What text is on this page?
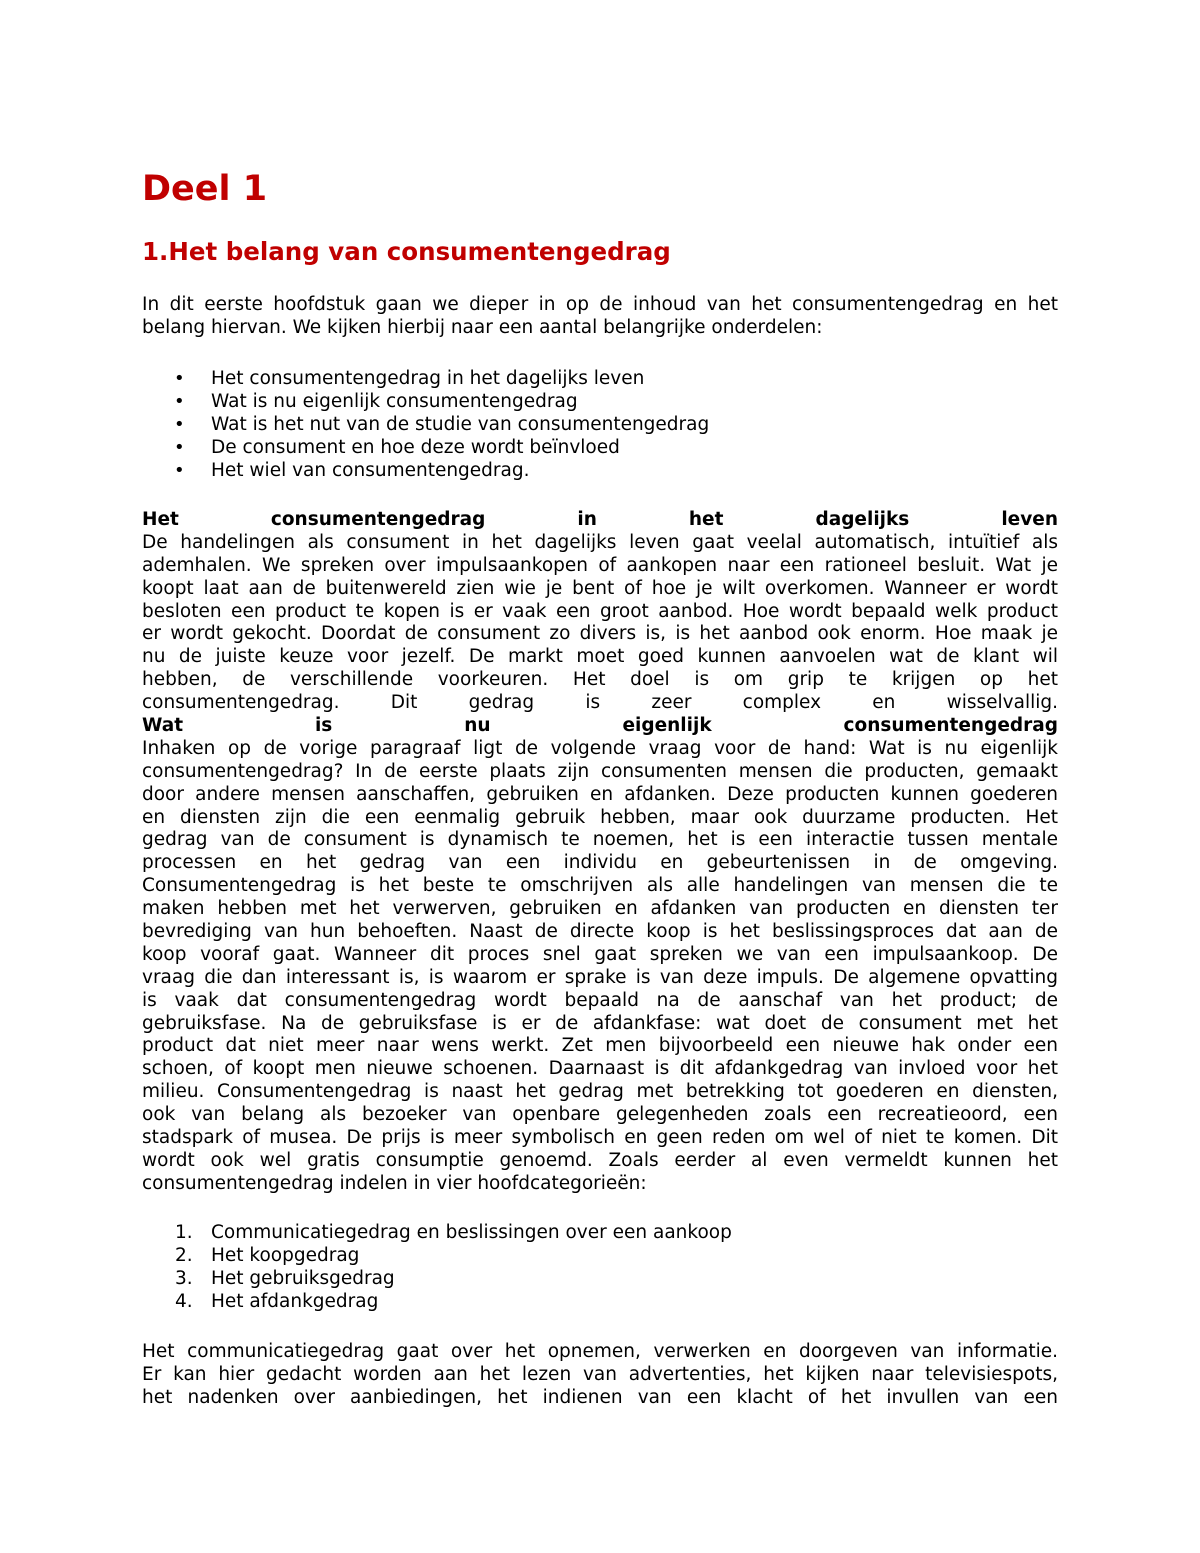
Deel 1
1.Het belang van consumentengedrag
In dit eerste hoofdstuk gaan we dieper in op de inhoud van het consumentengedrag en het
belang hiervan. We kijken hierbij naar een aantal belangrijke onderdelen:
• Het consumentengedrag in het dagelijks leven
• Wat is nu eigenlijk consumentengedrag
• Wat is het nut van de studie van consumentengedrag
• De consument en hoe deze wordt beïnvloed
• Het wiel van consumentengedrag.
Het consumentengedrag in het dagelijks leven
De handelingen als consument in het dagelijks leven gaat veelal automatisch, intuïtief als
ademhalen. We spreken over impulsaankopen of aankopen naar een rationeel besluit. Wat je
koopt laat aan de buitenwereld zien wie je bent of hoe je wilt overkomen. Wanneer er wordt
besloten een product te kopen is er vaak een groot aanbod. Hoe wordt bepaald welk product
er wordt gekocht. Doordat de consument zo divers is, is het aanbod ook enorm. Hoe maak je
nu de juiste keuze voor jezelf. De markt moet goed kunnen aanvoelen wat de klant wil
hebben, de verschillende voorkeuren. Het doel is om grip te krijgen op het
consumentengedrag. Dit gedrag is zeer complex en wisselvallig.
Wat is nu eigenlijk consumentengedrag
Inhaken op de vorige paragraaf ligt de volgende vraag voor de hand: Wat is nu eigenlijk
consumentengedrag? In de eerste plaats zijn consumenten mensen die producten, gemaakt
door andere mensen aanschaffen, gebruiken en afdanken. Deze producten kunnen goederen
en diensten zijn die een eenmalig gebruik hebben, maar ook duurzame producten. Het
gedrag van de consument is dynamisch te noemen, het is een interactie tussen mentale
processen en het gedrag van een individu en gebeurtenissen in de omgeving.
Consumentengedrag is het beste te omschrijven als alle handelingen van mensen die te
maken hebben met het verwerven, gebruiken en afdanken van producten en diensten ter
bevrediging van hun behoeften. Naast de directe koop is het beslissingsproces dat aan de
koop vooraf gaat. Wanneer dit proces snel gaat spreken we van een impulsaankoop. De
vraag die dan interessant is, is waarom er sprake is van deze impuls. De algemene opvatting
is vaak dat consumentengedrag wordt bepaald na de aanschaf van het product; de
gebruiksfase. Na de gebruiksfase is er de afdankfase: wat doet de consument met het
product dat niet meer naar wens werkt. Zet men bijvoorbeeld een nieuwe hak onder een
schoen, of koopt men nieuwe schoenen. Daarnaast is dit afdankgedrag van invloed voor het
milieu. Consumentengedrag is naast het gedrag met betrekking tot goederen en diensten,
ook van belang als bezoeker van openbare gelegenheden zoals een recreatieoord, een
stadspark of musea. De prijs is meer symbolisch en geen reden om wel of niet te komen. Dit
wordt ook wel gratis consumptie genoemd. Zoals eerder al even vermeldt kunnen het
consumentengedrag indelen in vier hoofdcategorieën:
1. Communicatiegedrag en beslissingen over een aankoop
2. Het koopgedrag
3. Het gebruiksgedrag
4. Het afdankgedrag
Het communicatiegedrag gaat over het opnemen, verwerken en doorgeven van informatie.
Er kan hier gedacht worden aan het lezen van advertenties, het kijken naar televisiespots,
het nadenken over aanbiedingen, het indienen van een klacht of het invullen van een
